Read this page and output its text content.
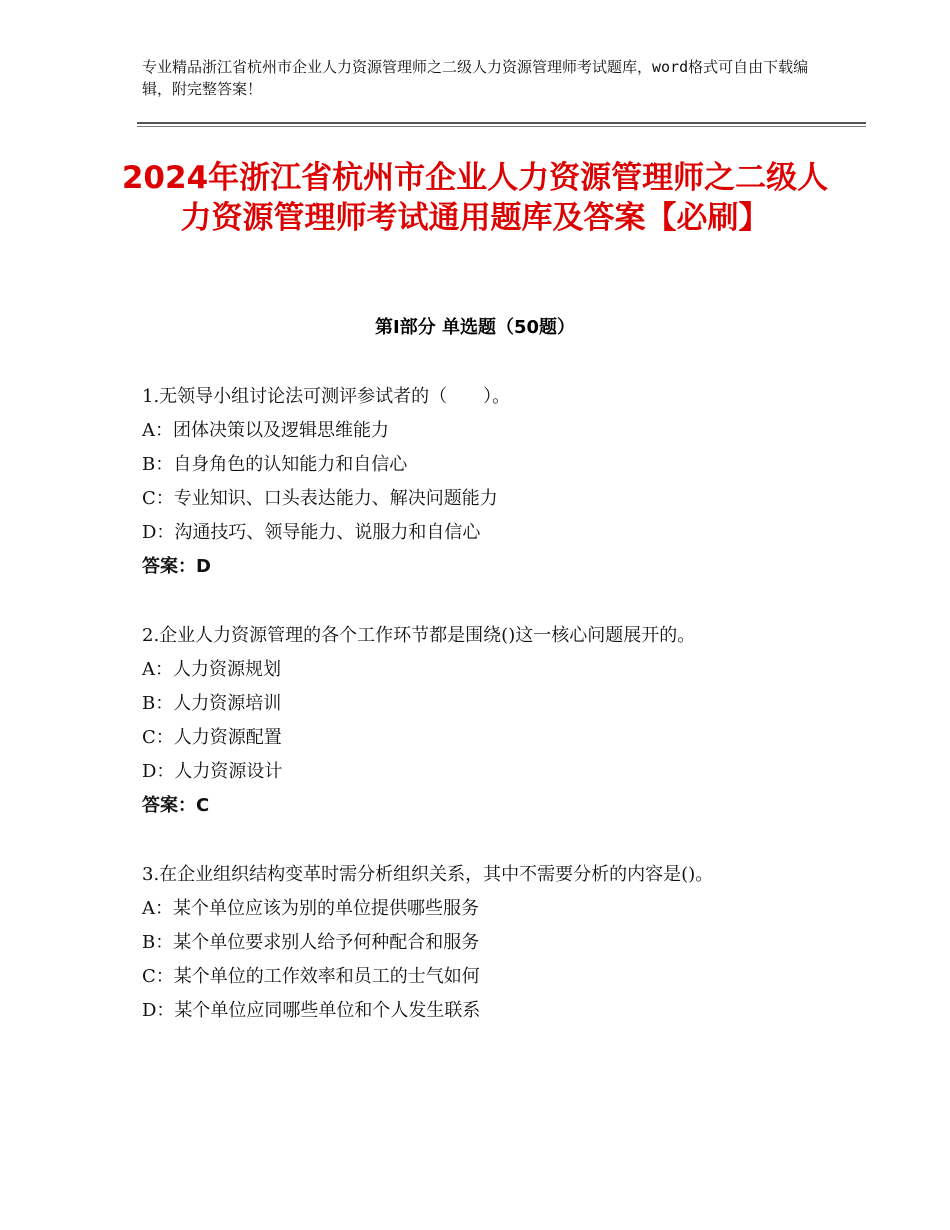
专业精品浙江省杭州市企业人力资源管理师之二级人力资源管理师考试题库，word格式可自由下载编辑，附完整答案！
2024年浙江省杭州市企业人力资源管理师之二级人力资源管理师考试通用题库及答案【必刷】
第Ⅰ部分 单选题（50题）
1.无领导小组讨论法可测评参试者的（　　）。
A：团体决策以及逻辑思维能力
B：自身角色的认知能力和自信心
C：专业知识、口头表达能力、解决问题能力
D：沟通技巧、领导能力、说服力和自信心
答案：D
2.企业人力资源管理的各个工作环节都是围绕()这一核心问题展开的。
A：人力资源规划
B：人力资源培训
C：人力资源配置
D：人力资源设计
答案：C
3.在企业组织结构变革时需分析组织关系，其中不需要分析的内容是()。
A：某个单位应该为别的单位提供哪些服务
B：某个单位要求别人给予何种配合和服务
C：某个单位的工作效率和员工的士气如何
D：某个单位应同哪些单位和个人发生联系
